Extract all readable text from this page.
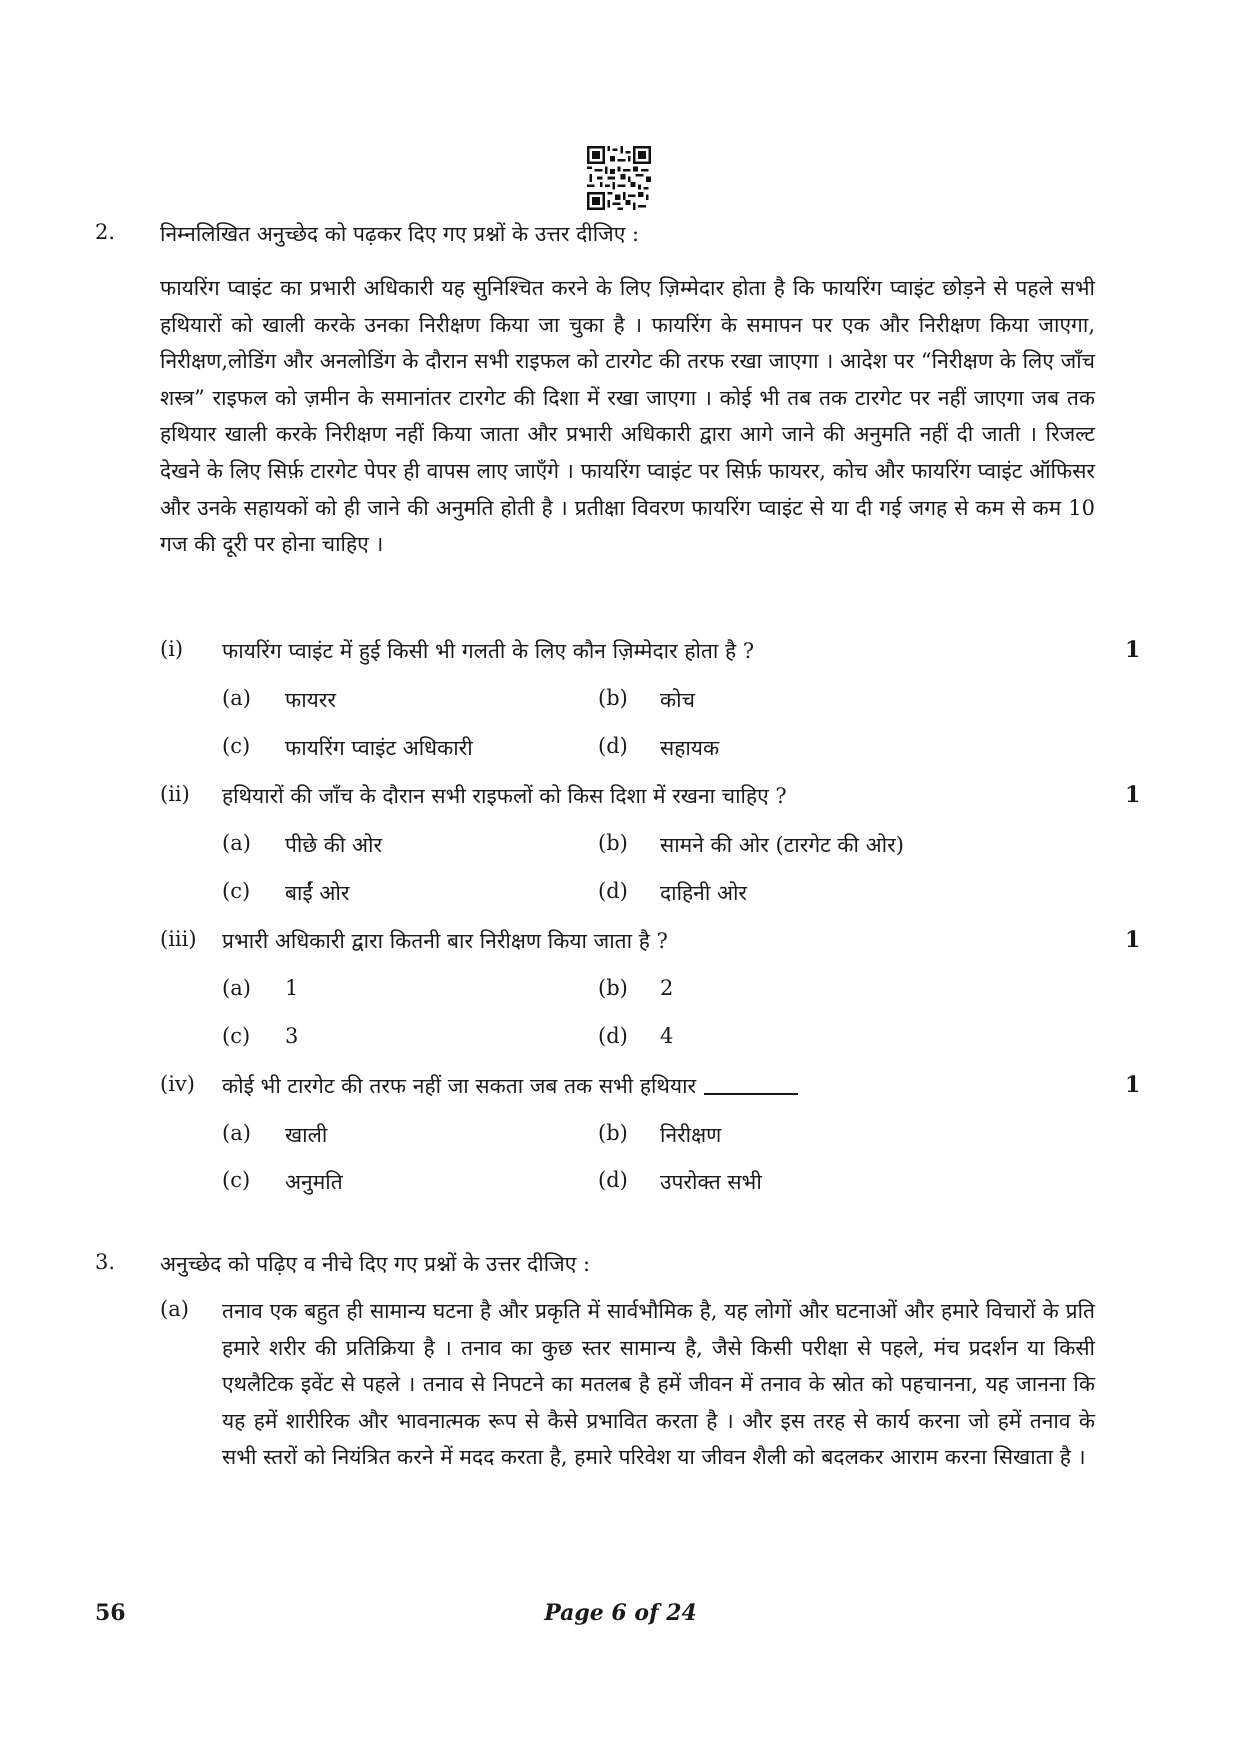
2. निम्नलिखित अनुच्छेद को पढ़कर दिए गए प्रश्नों के उत्तर दीजिए :
फायरिंग प्वाइंट का प्रभारी अधिकारी यह सुनिश्चित करने के लिए ज़िम्मेदार होता है कि फायरिंग प्वाइंट छोड़ने से पहले सभी हथियारों को खाली करके उनका निरीक्षण किया जा चुका है । फायरिंग के समापन पर एक और निरीक्षण किया जाएगा, निरीक्षण,लोडिंग और अनलोडिंग के दौरान सभी राइफल को टारगेट की तरफ रखा जाएगा । आदेश पर “निरीक्षण के लिए जाँच शस्त्र” राइफल को ज़मीन के समानांतर टारगेट की दिशा में रखा जाएगा । कोई भी तब तक टारगेट पर नहीं जाएगा जब तक हथियार खाली करके निरीक्षण नहीं किया जाता और प्रभारी अधिकारी द्वारा आगे जाने की अनुमति नहीं दी जाती । रिजल्ट देखने के लिए सिर्फ़ टारगेट पेपर ही वापस लाए जाएँगे । फायरिंग प्वाइंट पर सिर्फ़ फायरर, कोच और फायरिंग प्वाइंट ऑफिसर और उनके सहायकों को ही जाने की अनुमति होती है । प्रतीक्षा विवरण फायरिंग प्वाइंट से या दी गई जगह से कम से कम 10 गज की दूरी पर होना चाहिए ।
(i) फायरिंग प्वाइंट में हुई किसी भी गलती के लिए कौन ज़िम्मेदार होता है ?	1
(a) फायरर	(b) कोच
(c) फायरिंग प्वाइंट अधिकारी	(d) सहायक
(ii) हथियारों की जाँच के दौरान सभी राइफलों को किस दिशा में रखना चाहिए ?	1
(a) पीछे की ओर	(b) सामने की ओर (टारगेट की ओर)
(c) बाईं ओर	(d) दाहिनी ओर
(iii) प्रभारी अधिकारी द्वारा कितनी बार निरीक्षण किया जाता है ?	1
(a) 1	(b) 2
(c) 3	(d) 4
(iv) कोई भी टारगेट की तरफ नहीं जा सकता जब तक सभी हथियार	1
(a) खाली	(b) निरीक्षण
(c) अनुमति	(d) उपरोक्त सभी
3. अनुच्छेद को पढ़िए व नीचे दिए गए प्रश्नों के उत्तर दीजिए :
(a) तनाव एक बहुत ही सामान्य घटना है और प्रकृति में सार्वभौमिक है, यह लोगों और घटनाओं और हमारे विचारों के प्रति हमारे शरीर की प्रतिक्रिया है । तनाव का कुछ स्तर सामान्य है, जैसे किसी परीक्षा से पहले, मंच प्रदर्शन या किसी एथलैटिक इवेंट से पहले । तनाव से निपटने का मतलब है हमें जीवन में तनाव के स्रोत को पहचानना, यह जानना कि यह हमें शारीरिक और भावनात्मक रूप से कैसे प्रभावित करता है । और इस तरह से कार्य करना जो हमें तनाव के सभी स्तरों को नियंत्रित करने में मदद करता है, हमारे परिवेश या जीवन शैली को बदलकर आराम करना सिखाता है ।
56	Page 6 of 24
